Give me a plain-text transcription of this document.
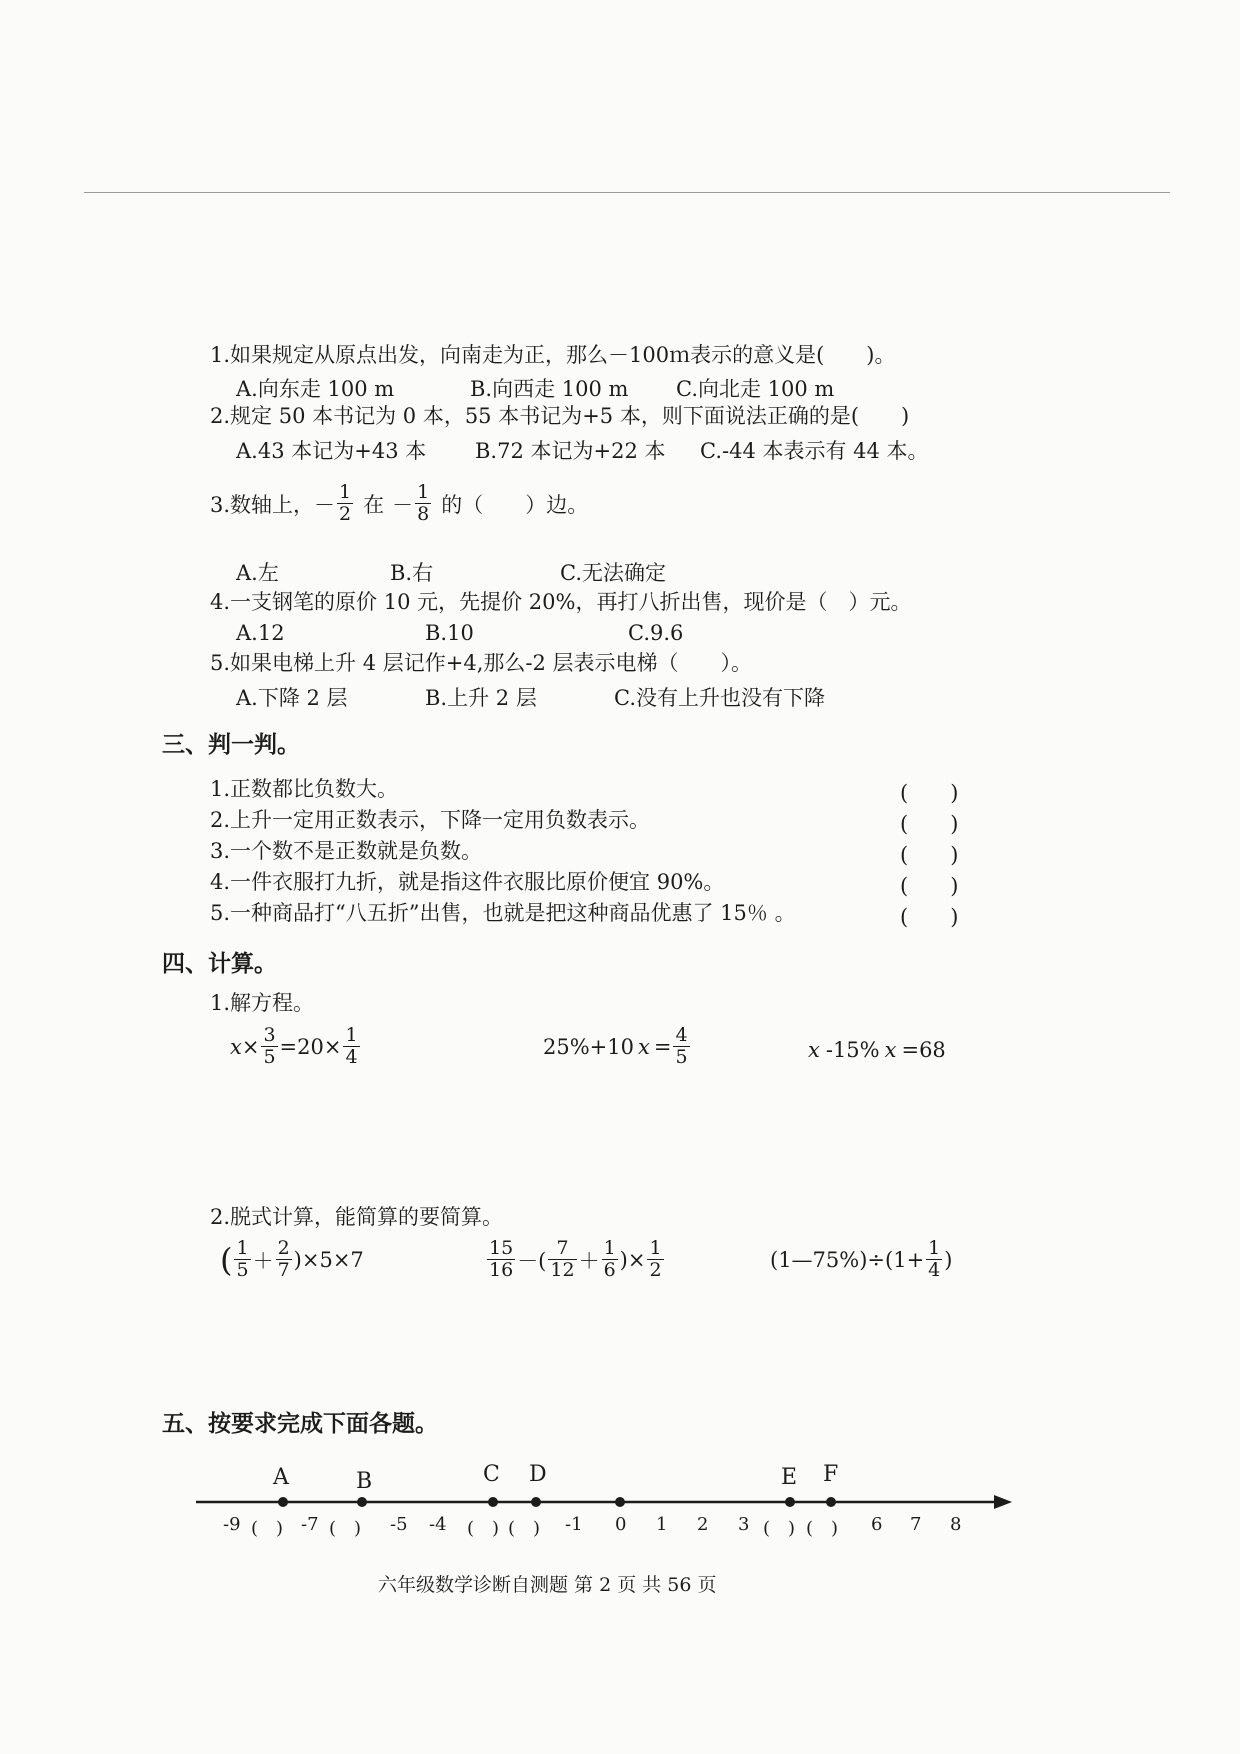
1.如果规定从原点出发，向南走为正，那么－100ｍ表示的意义是(　　)。
A.向东走 100 m	B.向西走 100 m C.向北走 100 m
2.规定 50 本书记为 0 本，55 本书记为+5 本，则下面说法正确的是(　　)
A.43 本记为+43 本 B.72 本记为+22 本 C.-44 本表示有 44 本。
3.数轴上， － $\frac{1}{2}$ 在 － $\frac{1}{8}$ 的（　　）边。
A.左	B.右	C.无法确定
4.一支钢笔的原价 10 元，先提价 20%，再打八折出售，现价是（　）元。
A.12	B.10	C.9.6
5.如果电梯上升 4 层记作+4,那么-2 层表示电梯（　　）。
A.下降 2 层	B.上升 2 层	C.没有上升也没有下降
三、判一判。
1.正数都比负数大。	(　　)
2.上升一定用正数表示，下降一定用负数表示。	(　　)
3.一个数不是正数就是负数。	(　　)
4.一件衣服打九折，就是指这件衣服比原价便宜 90%。	(　　)
5.一种商品打“八五折”出售，也就是把这种商品优惠了 15％ 。	(　　)
四、计算。
1.解方程。
$x \times \frac{3}{5} =20\times \frac{1}{4}$	25%+10 $x = \frac{4}{5}$	x -15% x =68
2.脱式计算，能简算的要简算。
( $\frac{1}{5} + \frac{2}{7} )\times 5\times 7$	$\frac{15}{16}$ －( $\frac{7}{12} + \frac{1}{6}$ )× $\frac{1}{2}$	(1—75%)÷(1+ $\frac{1}{4}$ )
五、按要求完成下面各题。
A	B	C D	E F
-9 (　) -7 (　) -5 -4 (　) (　) -1 0 1 2 3 (　) (　) 6 7 8
六年级数学诊断自测题 第 2 页 共 56 页
